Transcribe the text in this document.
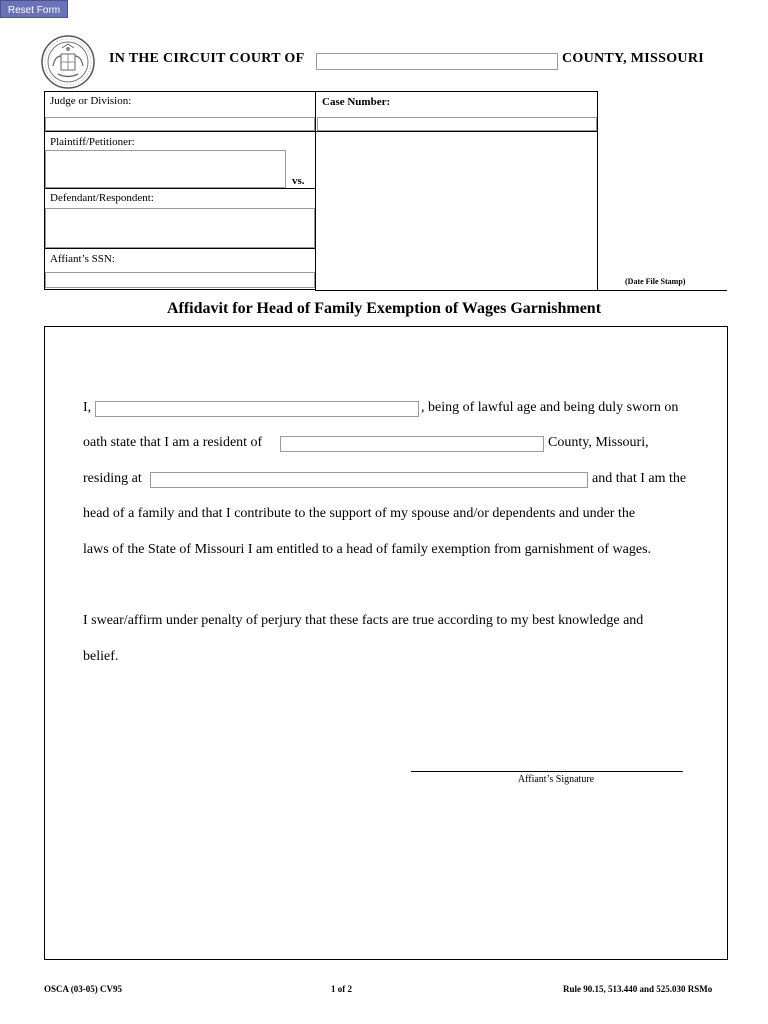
Reset Form
IN THE CIRCUIT COURT OF	COUNTY, MISSOURI
Judge or Division:	Case Number:
(Date File Stamp)
Plaintiff/Petitioner:
vs.
Defendant/Respondent:
Affiant’s SSN:
Affidavit for Head of Family Exemption of Wages Garnishment
I,	, being of lawful age and being duly sworn on
oath state that I am a resident of	County, Missouri,
residing at	and that I am the
head of a family and that I contribute to the support of my spouse and/or dependents and under the
laws of the State of Missouri I am entitled to a head of family exemption from garnishment of wages.
I swear/affirm under penalty of perjury that these facts are true according to my best knowledge and
belief.
Affiant’s Signature
OSCA (03-05) CV95	1 of 2	Rule 90.15, 513.440 and 525.030 RSMo
